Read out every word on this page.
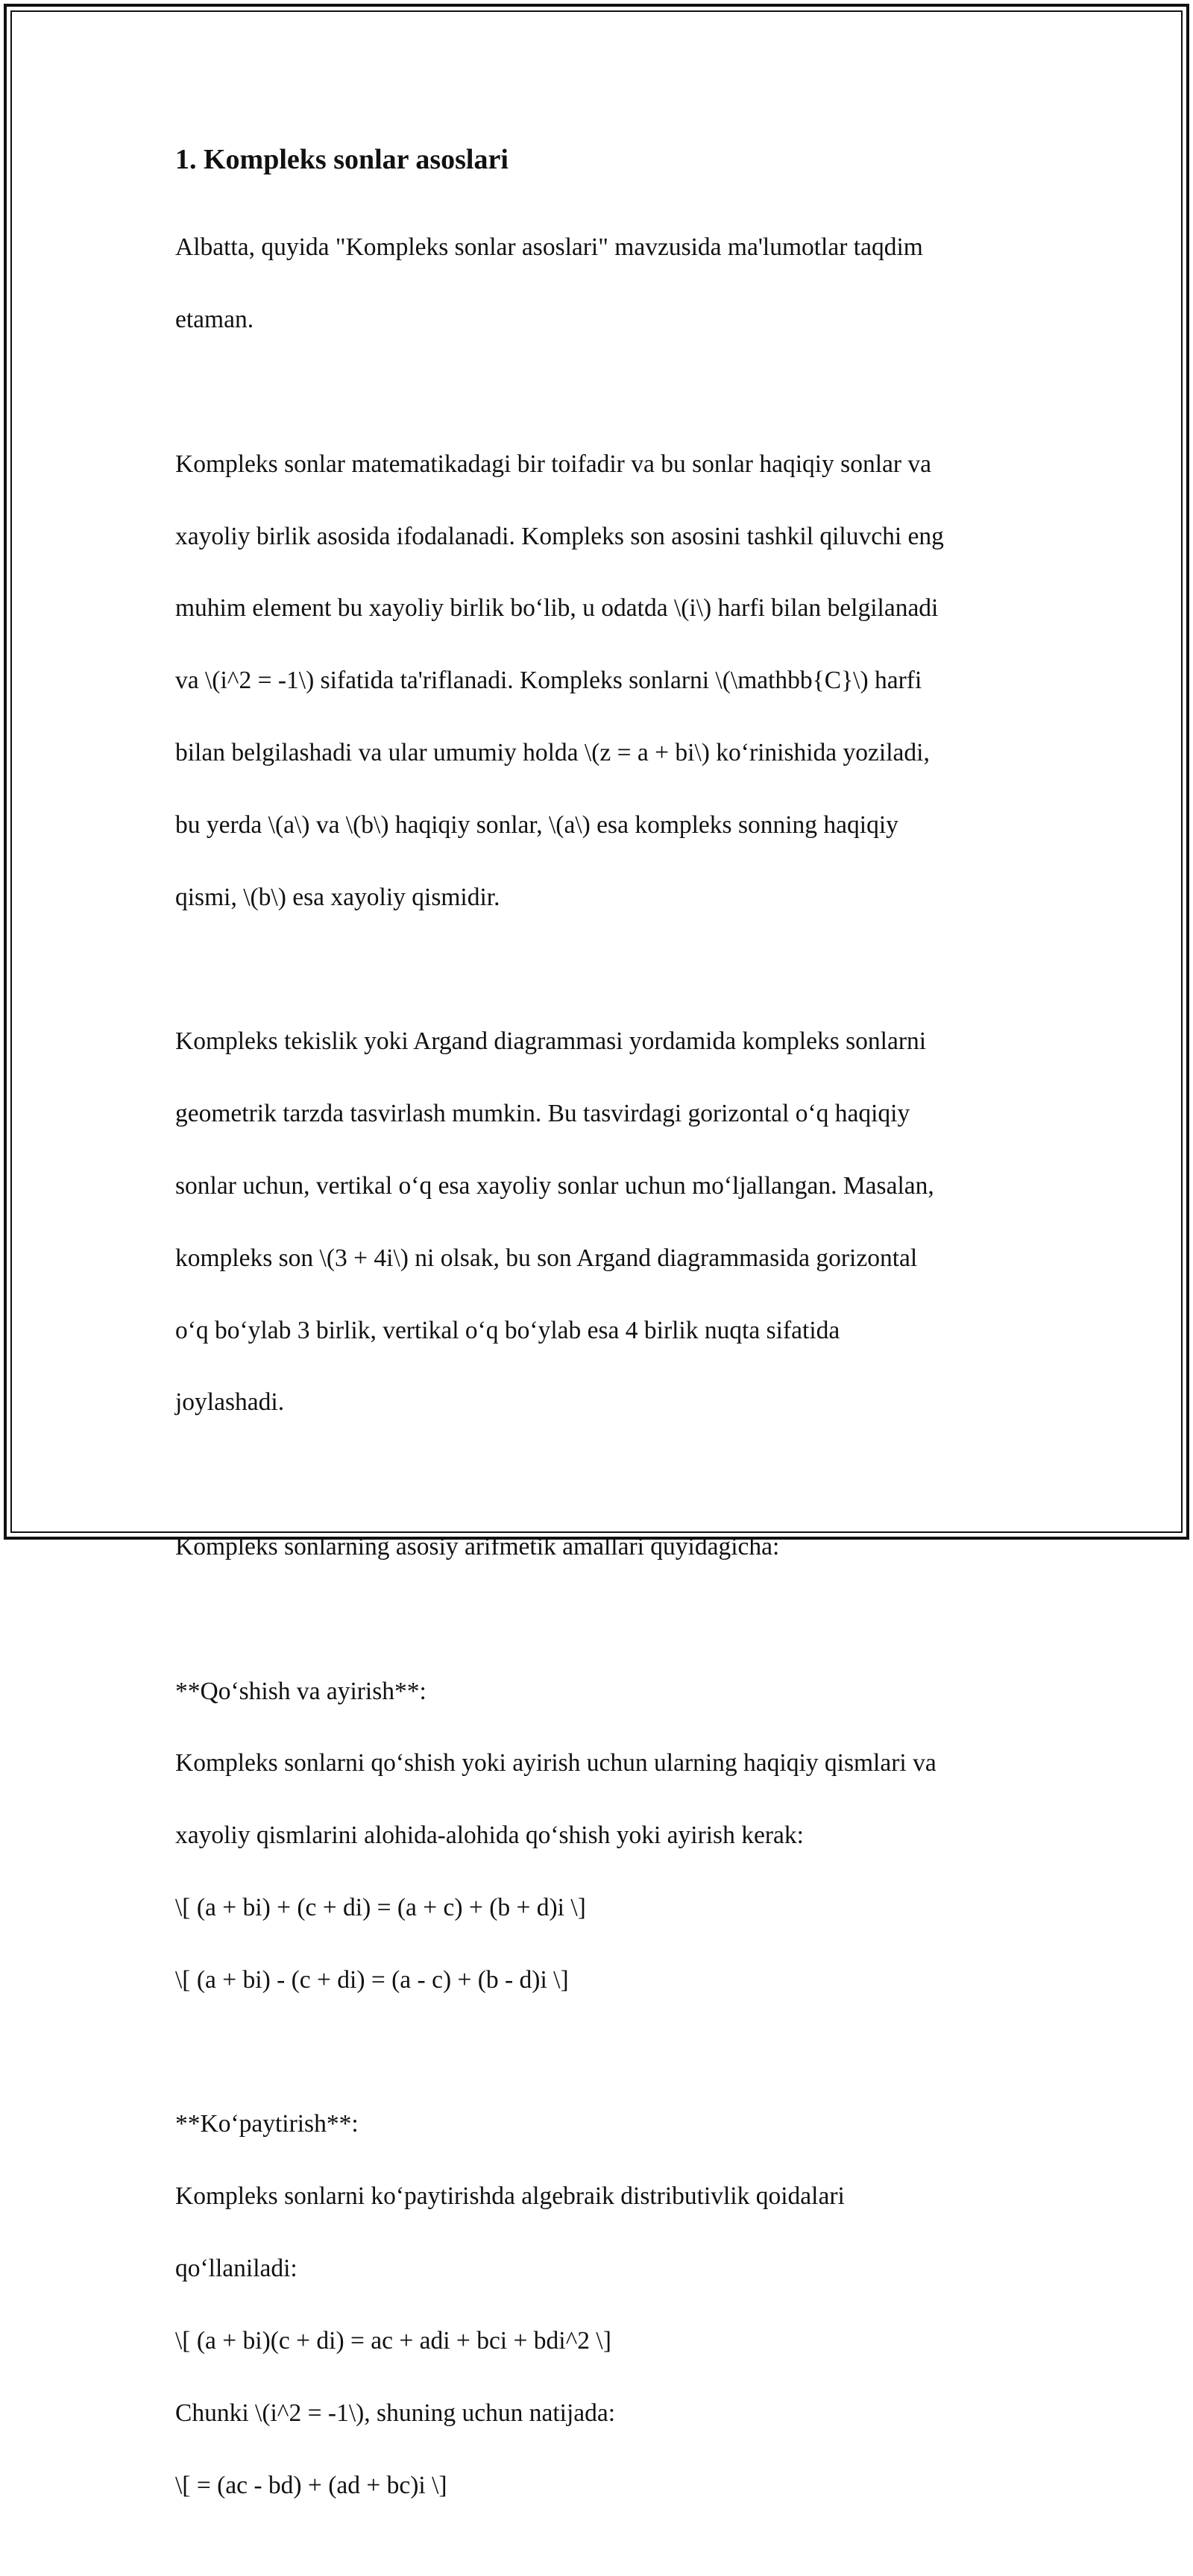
1. Kompleks sonlar asoslari

Albatta, quyida "Kompleks sonlar asoslari" mavzusida ma'lumotlar taqdim

etaman.

Kompleks sonlar matematikadagi bir toifadir va bu sonlar haqiqiy sonlar va

xayoliy birlik asosida ifodalanadi. Kompleks son asosini tashkil qiluvchi eng

muhim element bu xayoliy birlik bo‘lib, u odatda \(i\) harfi bilan belgilanadi

va \(i^2 = -1\) sifatida ta'riflanadi. Kompleks sonlarni \(\mathbb{C}\) harfi

bilan belgilashadi va ular umumiy holda \(z = a + bi\) ko‘rinishida yoziladi,

bu yerda \(a\) va \(b\) haqiqiy sonlar, \(a\) esa kompleks sonning haqiqiy

qismi, \(b\) esa xayoliy qismidir.

Kompleks tekislik yoki Argand diagrammasi yordamida kompleks sonlarni

geometrik tarzda tasvirlash mumkin. Bu tasvirdagi gorizontal o‘q haqiqiy

sonlar uchun, vertikal o‘q esa xayoliy sonlar uchun mo‘ljallangan. Masalan,

kompleks son \(3 + 4i\) ni olsak, bu son Argand diagrammasida gorizontal

o‘q bo‘ylab 3 birlik, vertikal o‘q bo‘ylab esa 4 birlik nuqta sifatida

joylashadi.

Kompleks sonlarning asosiy arifmetik amallari quyidagicha:

**Qo‘shish va ayirish**:

Kompleks sonlarni qo‘shish yoki ayirish uchun ularning haqiqiy qismlari va

xayoliy qismlarini alohida-alohida qo‘shish yoki ayirish kerak:

\[ (a + bi) + (c + di) = (a + c) + (b + d)i \]

\[ (a + bi) - (c + di) = (a - c) + (b - d)i \]

**Ko‘paytirish**:

Kompleks sonlarni ko‘paytirishda algebraik distributivlik qoidalari

qo‘llaniladi:

\[ (a + bi)(c + di) = ac + adi + bci + bdi^2 \]

Chunki \(i^2 = -1\), shuning uchun natijada:

\[ = (ac - bd) + (ad + bc)i \]
